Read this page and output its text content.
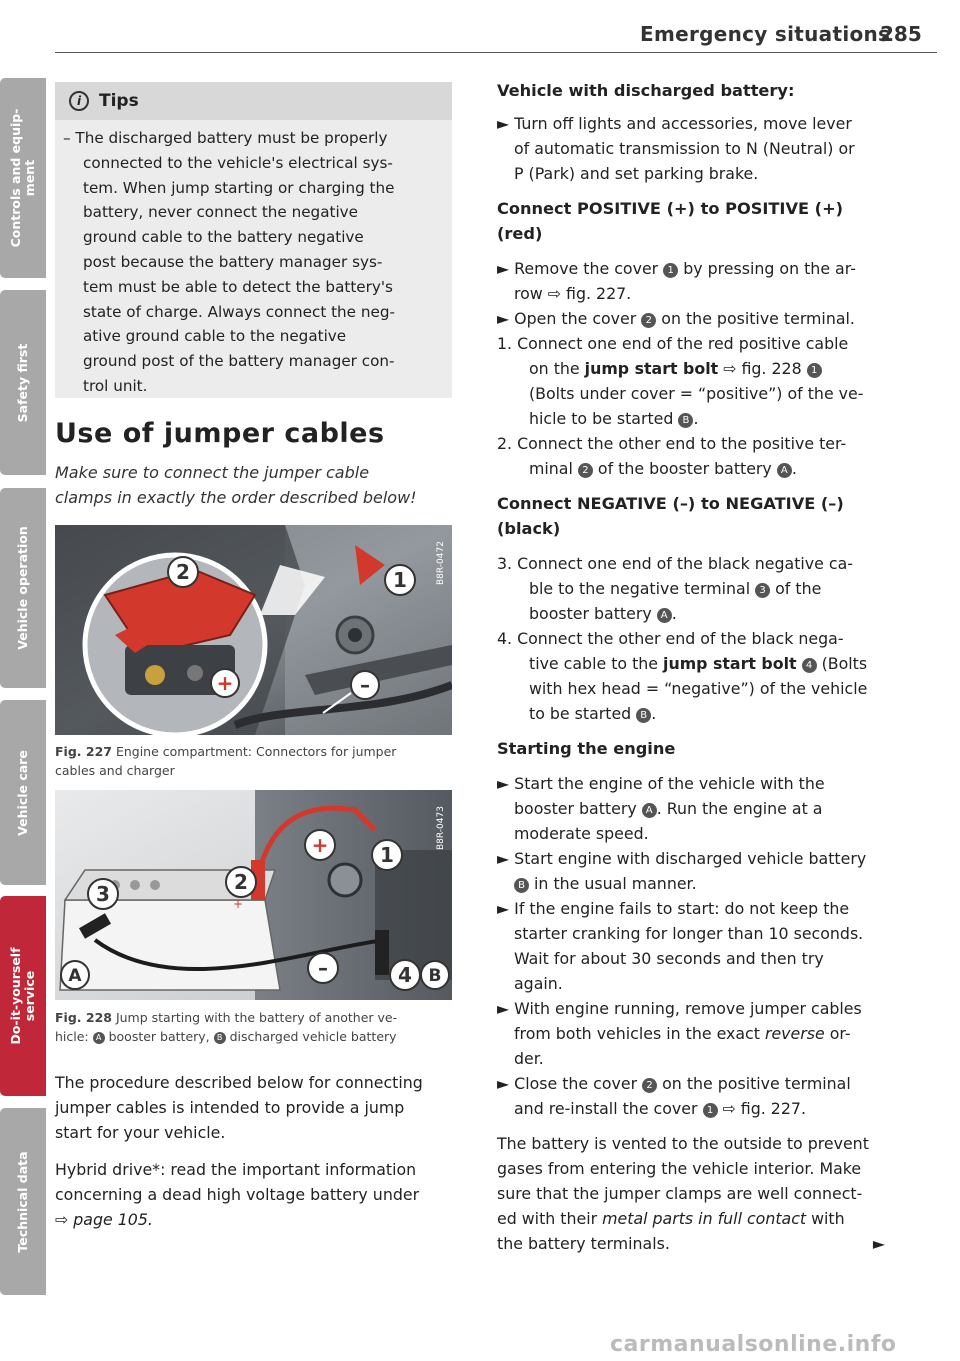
Emergency situations
285
i	Tips
– The discharged battery must be properly
connected to the vehicle's electrical sys-
tem. When jump starting or charging the
battery, never connect the negative
ground cable to the battery negative
post because the battery manager sys-
tem must be able to detect the battery's
state of charge. Always connect the neg-
ative ground cable to the negative
ground post of the battery manager con-
trol unit.
Use of jumper cables
Make sure to connect the jumper cable
clamps in exactly the order described below!
2	1
+	–
B8R-0472
Fig. 227 Engine compartment: Connectors for jumper
cables and charger
+
+	1
2
3
–	4
A	B
B8R-0473
Fig. 228 Jump starting with the battery of another ve-
hicle: A booster battery, B discharged vehicle battery
The procedure described below for connecting
jumper cables is intended to provide a jump
start for your vehicle.
Hybrid drive*: read the important information
concerning a dead high voltage battery under
⇨ page 105.
Vehicle with discharged battery:
► Turn off lights and accessories, move lever
of automatic transmission to N (Neutral) or
P (Park) and set parking brake.
Connect POSITIVE (+) to POSITIVE (+)
(red)
► Remove the cover 1 by pressing on the ar-
row ⇨ fig. 227.
► Open the cover 2 on the positive terminal.
1. Connect one end of the red positive cable
on the jump start bolt ⇨ fig. 228 1
(Bolts under cover = “positive”) of the ve-
hicle to be started B .
2. Connect the other end to the positive ter-
minal 2 of the booster battery A .
Connect NEGATIVE (–) to NEGATIVE (–)
(black)
3. Connect one end of the black negative ca-
ble to the negative terminal 3 of the
booster battery A .
4. Connect the other end of the black nega-
tive cable to the jump start bolt 4 (Bolts
with hex head = “negative”) of the vehicle
to be started B .
Starting the engine
► Start the engine of the vehicle with the
booster battery A . Run the engine at a
moderate speed.
► Start engine with discharged vehicle battery
B in the usual manner.
► If the engine fails to start: do not keep the
starter cranking for longer than 10 seconds.
Wait for about 30 seconds and then try
again.
► With engine running, remove jumper cables
from both vehicles in the exact reverse or-
der.
► Close the cover 2 on the positive terminal
and re-install the cover 1 ⇨ fig. 227.
The battery is vented to the outside to prevent
gases from entering the vehicle interior. Make
sure that the jumper clamps are well connect-
ed with their metal parts in full contact with
the battery terminals.	►
Controls and equip-
ment
Safety first
Vehicle operation
Vehicle care
Do-it-yourself
service
Technical data
carmanualsonline.info
